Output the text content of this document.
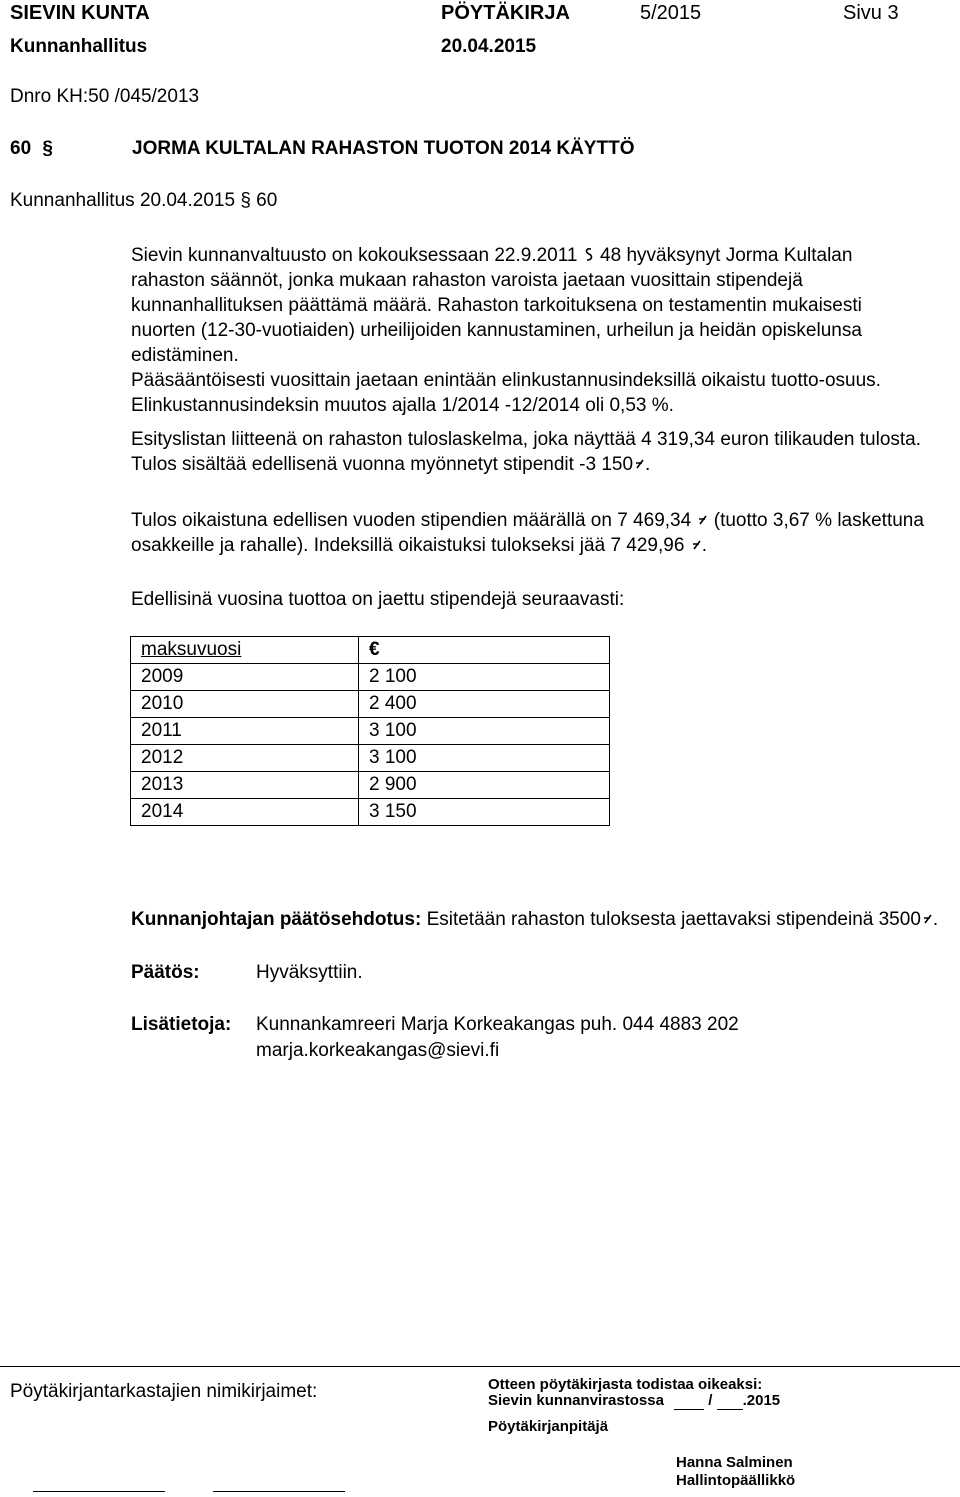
SIEVIN KUNTA	PÖYTÄKIRJA	5/2015	Sivu 3
Kunnanhallitus	20.04.2015
Dnro KH:50 /045/2013
60 §	JORMA KULTALAN RAHASTON TUOTON 2014 KÄYTTÖ
Kunnanhallitus 20.04.2015 § 60

Sievin kunnanvaltuusto on kokouksessaan 22.9.2011 48 hyväksynyt Jorma Kultalan rahaston säännöt, jonka mukaan rahaston varoista jaetaan vuosittain stipendejä kunnanhallituksen päättämä määrä. Rahaston tarkoituksena on testamentin mukaisesti nuorten (12-30-vuotiaiden) urheilijoiden kannustaminen, urheilun ja heidän opiskelunsa edistäminen.

Pääsääntöisesti vuosittain jaetaan enintään elinkustannusindeksillä oikaistu tuotto-osuus.

Elinkustannusindeksin muutos ajalla 1/2014 -12/2014 oli 0,53 %.

Esityslistan liitteenä on rahaston tuloslaskelma, joka näyttää 4 319,34 euron tilikauden tulosta.

Tulos sisältää edellisenä vuonna myönnetyt stipendit -3 150 .

Tulos oikaistuna edellisen vuoden stipendien määrällä on 7 469,34 (tuotto 3,67 % laskettuna osakkeille ja rahalle). Indeksillä oikaistuksi tulokseksi jää 7 429,96 .

Edellisinä vuosina tuottoa on jaettu stipendejä seuraavasti:
maksuvuosi	€
2009	2 100
2010	2 400
2011	3 100
2012	3 100
2013	2 900
2014	3 150
Kunnanjohtajan päätösehdotus: Esitetään rahaston tuloksesta jaettavaksi stipendeinä 3500 .
Päätös:	Hyväksyttiin.
Lisätietoja: Kunnankamreeri Marja Korkeakangas puh. 044 4883 202
marja.korkeakangas@sievi.fi
Pöytäkirjantarkastajien nimikirjaimet:	Otteen pöytäkirjasta todistaa oikeaksi:
Sievin kunnanvirastossa	/ .2015
Pöytäkirjanpitäjä
Hanna Salminen
Hallintopäällikkö
